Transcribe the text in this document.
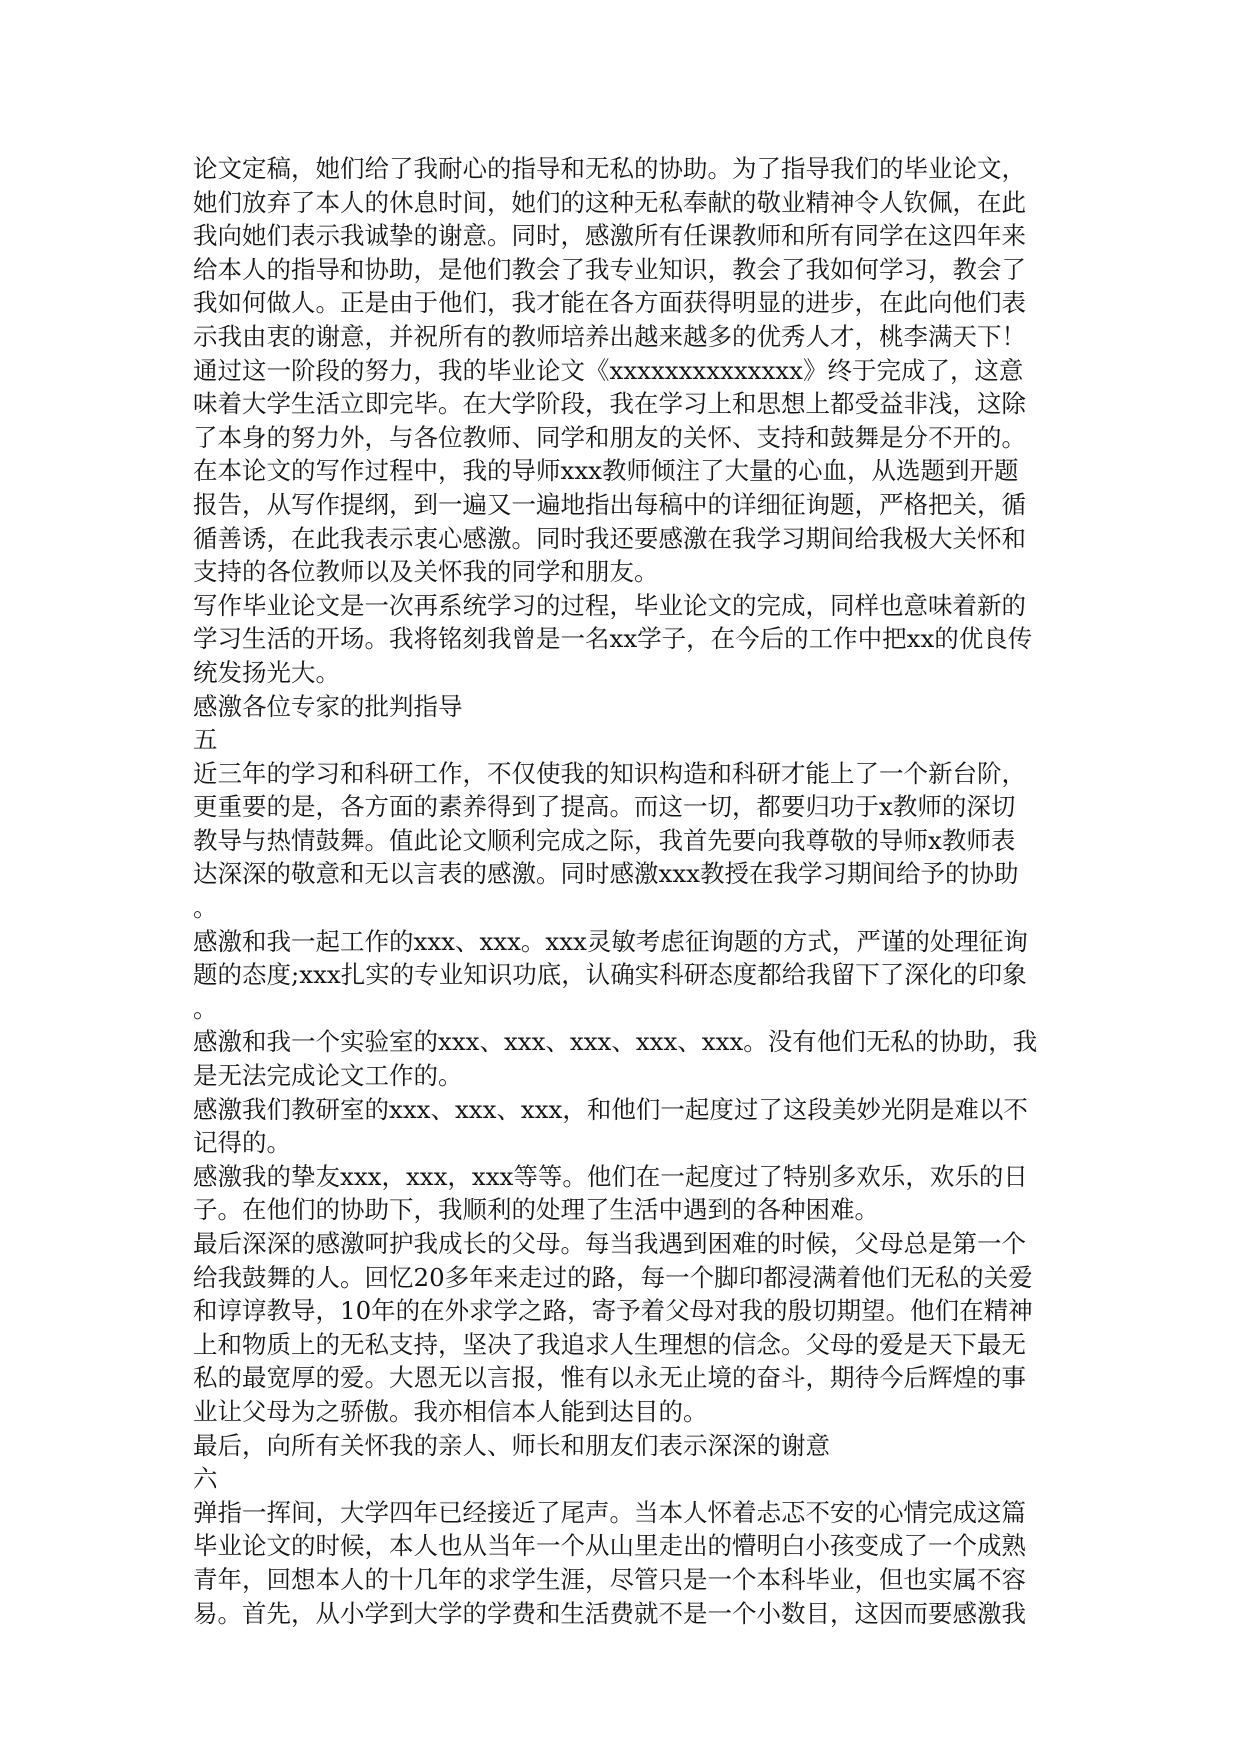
论文定稿，她们给了我耐心的指导和无私的协助。为了指导我们的毕业论文，
她们放弃了本人的休息时间，她们的这种无私奉献的敬业精神令人钦佩，在此
我向她们表示我诚挚的谢意。同时，感激所有任课教师和所有同学在这四年来
给本人的指导和协助，是他们教会了我专业知识，教会了我如何学习，教会了
我如何做人。正是由于他们，我才能在各方面获得明显的进步，在此向他们表
示我由衷的谢意，并祝所有的教师培养出越来越多的优秀人才，桃李满天下！
通过这一阶段的努力，我的毕业论文《xxxxxxxxxxxxxx》终于完成了，这意
味着大学生活立即完毕。在大学阶段，我在学习上和思想上都受益非浅，这除
了本身的努力外，与各位教师、同学和朋友的关怀、支持和鼓舞是分不开的。
在本论文的写作过程中，我的导师xxx教师倾注了大量的心血，从选题到开题
报告，从写作提纲，到一遍又一遍地指出每稿中的详细征询题，严格把关，循
循善诱，在此我表示衷心感激。同时我还要感激在我学习期间给我极大关怀和
支持的各位教师以及关怀我的同学和朋友。
写作毕业论文是一次再系统学习的过程，毕业论文的完成，同样也意味着新的
学习生活的开场。我将铭刻我曾是一名xx学子，在今后的工作中把xx的优良传
统发扬光大。
感激各位专家的批判指导
五
近三年的学习和科研工作，不仅使我的知识构造和科研才能上了一个新台阶，
更重要的是，各方面的素养得到了提高。而这一切，都要归功于x教师的深切
教导与热情鼓舞。值此论文顺利完成之际，我首先要向我尊敬的导师x教师表
达深深的敬意和无以言表的感激。同时感激xxx教授在我学习期间给予的协助
。
感激和我一起工作的xxx、xxx。xxx灵敏考虑征询题的方式，严谨的处理征询
题的态度;xxx扎实的专业知识功底，认确实科研态度都给我留下了深化的印象
。
感激和我一个实验室的xxx、xxx、xxx、xxx、xxx。没有他们无私的协助，我
是无法完成论文工作的。
感激我们教研室的xxx、xxx、xxx，和他们一起度过了这段美妙光阴是难以不
记得的。
感激我的挚友xxx，xxx，xxx等等。他们在一起度过了特别多欢乐，欢乐的日
子。在他们的协助下，我顺利的处理了生活中遇到的各种困难。
最后深深的感激呵护我成长的父母。每当我遇到困难的时候，父母总是第一个
给我鼓舞的人。回忆20多年来走过的路，每一个脚印都浸满着他们无私的关爱
和谆谆教导，10年的在外求学之路，寄予着父母对我的殷切期望。他们在精神
上和物质上的无私支持，坚决了我追求人生理想的信念。父母的爱是天下最无
私的最宽厚的爱。大恩无以言报，惟有以永无止境的奋斗，期待今后辉煌的事
业让父母为之骄傲。我亦相信本人能到达目的。
最后，向所有关怀我的亲人、师长和朋友们表示深深的谢意
六
弹指一挥间，大学四年已经接近了尾声。当本人怀着忐忑不安的心情完成这篇
毕业论文的时候，本人也从当年一个从山里走出的懵明白小孩变成了一个成熟
青年，回想本人的十几年的求学生涯，尽管只是一个本科毕业，但也实属不容
易。首先，从小学到大学的学费和生活费就不是一个小数目，这因而要感激我
